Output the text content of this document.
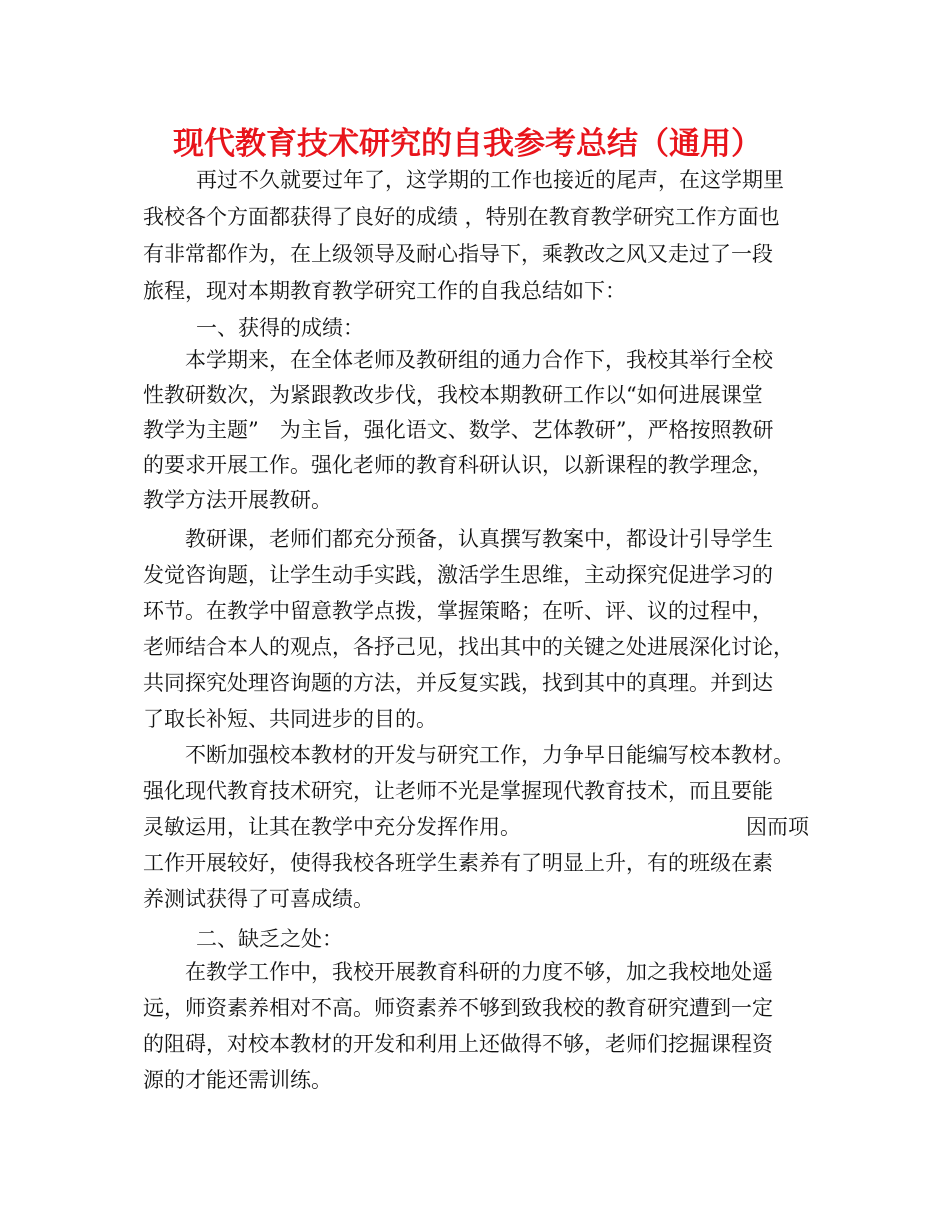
现代教育技术研究的自我参考总结（通用）
再过不久就要过年了，这学期的工作也接近的尾声，在这学期里
我校各个方面都获得了良好的成绩 ，特别在教育教学研究工作方面也
有非常都作为，在上级领导及耐心指导下，乘教改之风又走过了一段
旅程，现对本期教育教学研究工作的自我总结如下：
一、获得的成绩：
本学期来，在全体老师及教研组的通力合作下，我校其举行全校
性教研数次，为紧跟教改步伐，我校本期教研工作以“如何进展课堂
教学为主题”　为主旨，强化语文、数学、艺体教研”，严格按照教研
的要求开展工作。强化老师的教育科研认识，以新课程的教学理念，
教学方法开展教研。
教研课，老师们都充分预备，认真撰写教案中，都设计引导学生
发觉咨询题，让学生动手实践，激活学生思维，主动探究促进学习的
环节。在教学中留意教学点拨，掌握策略；在听、评、议的过程中，
老师结合本人的观点，各抒己见，找出其中的关键之处进展深化讨论，
共同探究处理咨询题的方法，并反复实践，找到其中的真理。并到达
了取长补短、共同进步的目的。
不断加强校本教材的开发与研究工作，力争早日能编写校本教材。
强化现代教育技术研究，让老师不光是掌握现代教育技术，而且要能
灵敏运用，让其在教学中充分发挥作用。	因而项
工作开展较好，使得我校各班学生素养有了明显上升，有的班级在素
养测试获得了可喜成绩。
二、缺乏之处：
在教学工作中，我校开展教育科研的力度不够，加之我校地处遥
远，师资素养相对不高。师资素养不够到致我校的教育研究遭到一定
的阻碍，对校本教材的开发和利用上还做得不够，老师们挖掘课程资
源的才能还需训练。
